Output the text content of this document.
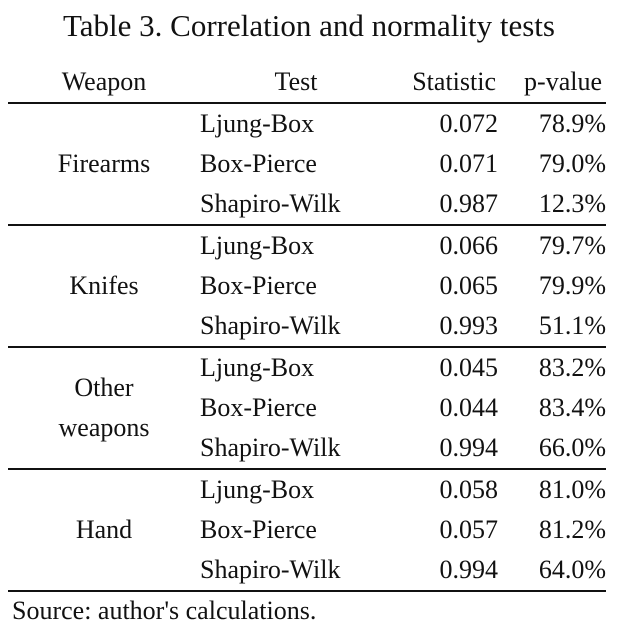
Table 3. Correlation and normality tests
Weapon	Test	Statistic	p-value
Firearms	Ljung-Box	0.072	78.9%
	Box-Pierce	0.071	79.0%
	Shapiro-Wilk	0.987	12.3%
Knifes	Ljung-Box	0.066	79.7%
	Box-Pierce	0.065	79.9%
	Shapiro-Wilk	0.993	51.1%

Other
weapons	Ljung-Box	0.045	83.2%
	Box-Pierce	0.044	83.4%
	Shapiro-Wilk	0.994	66.0%
Hand	Ljung-Box	0.058	81.0%
	Box-Pierce	0.057	81.2%
	Shapiro-Wilk	0.994	64.0%
Source: author's calculations.
